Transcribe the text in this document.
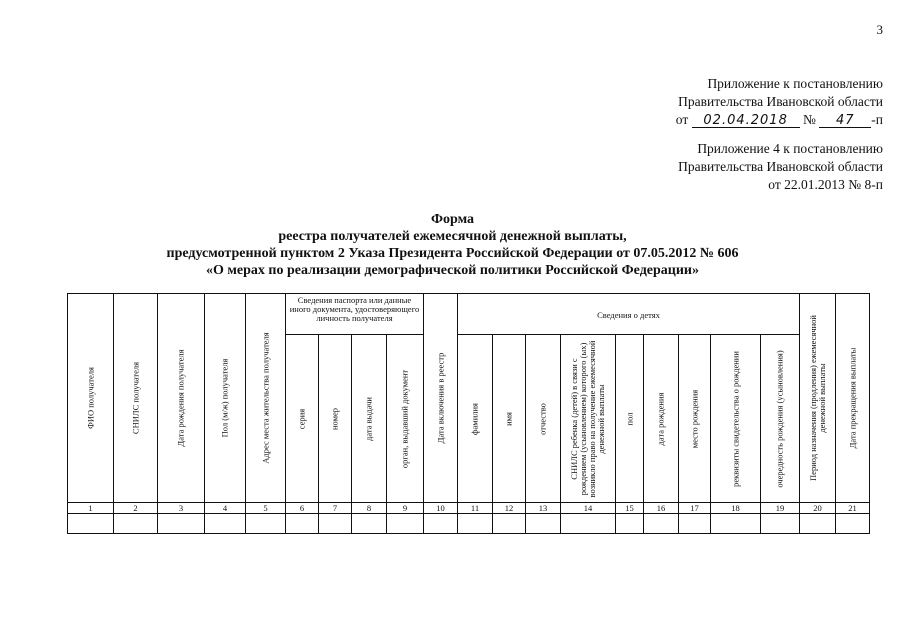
3
Приложение к постановлению
Правительства Ивановской области
от 02.04.2018 № 47 -п
Приложение 4 к постановлению
Правительства Ивановской области
от 22.01.2013 № 8-п
Форма
реестра получателей ежемесячной денежной выплаты,
предусмотренной пунктом 2 Указа Президента Российской Федерации от 07.05.2012 № 606
«О мерах по реализации демографической политики Российской Федерации»
ФИО получателя	СНИЛС получателя	Дата рождения получателя	Пол (м/ж) получателя	Адрес места жительства получателя	Сведения паспорта или данные иного документа, удостоверяющего личность получателя				Дата включения в реестр	Сведения о детях									Период назначения (продления) ежемесячной денежной выплаты	Дата прекращения выплаты

					серия	номер	дата выдачи	орган, выдавший документ		фамилия	имя	отчество	СНИЛС ребенка (детей) в связи с рождением (усыновлением) которого (ых) возникло право на получение ежемесячной денежной выплаты	пол	дата рождения	место рождения	реквизиты свидетельства о рождении	очередность рождения (усыновления)		

1	2	3	4	5	6	7	8	9	10	11	12	13	14	15	16	17	18	19	20	21
